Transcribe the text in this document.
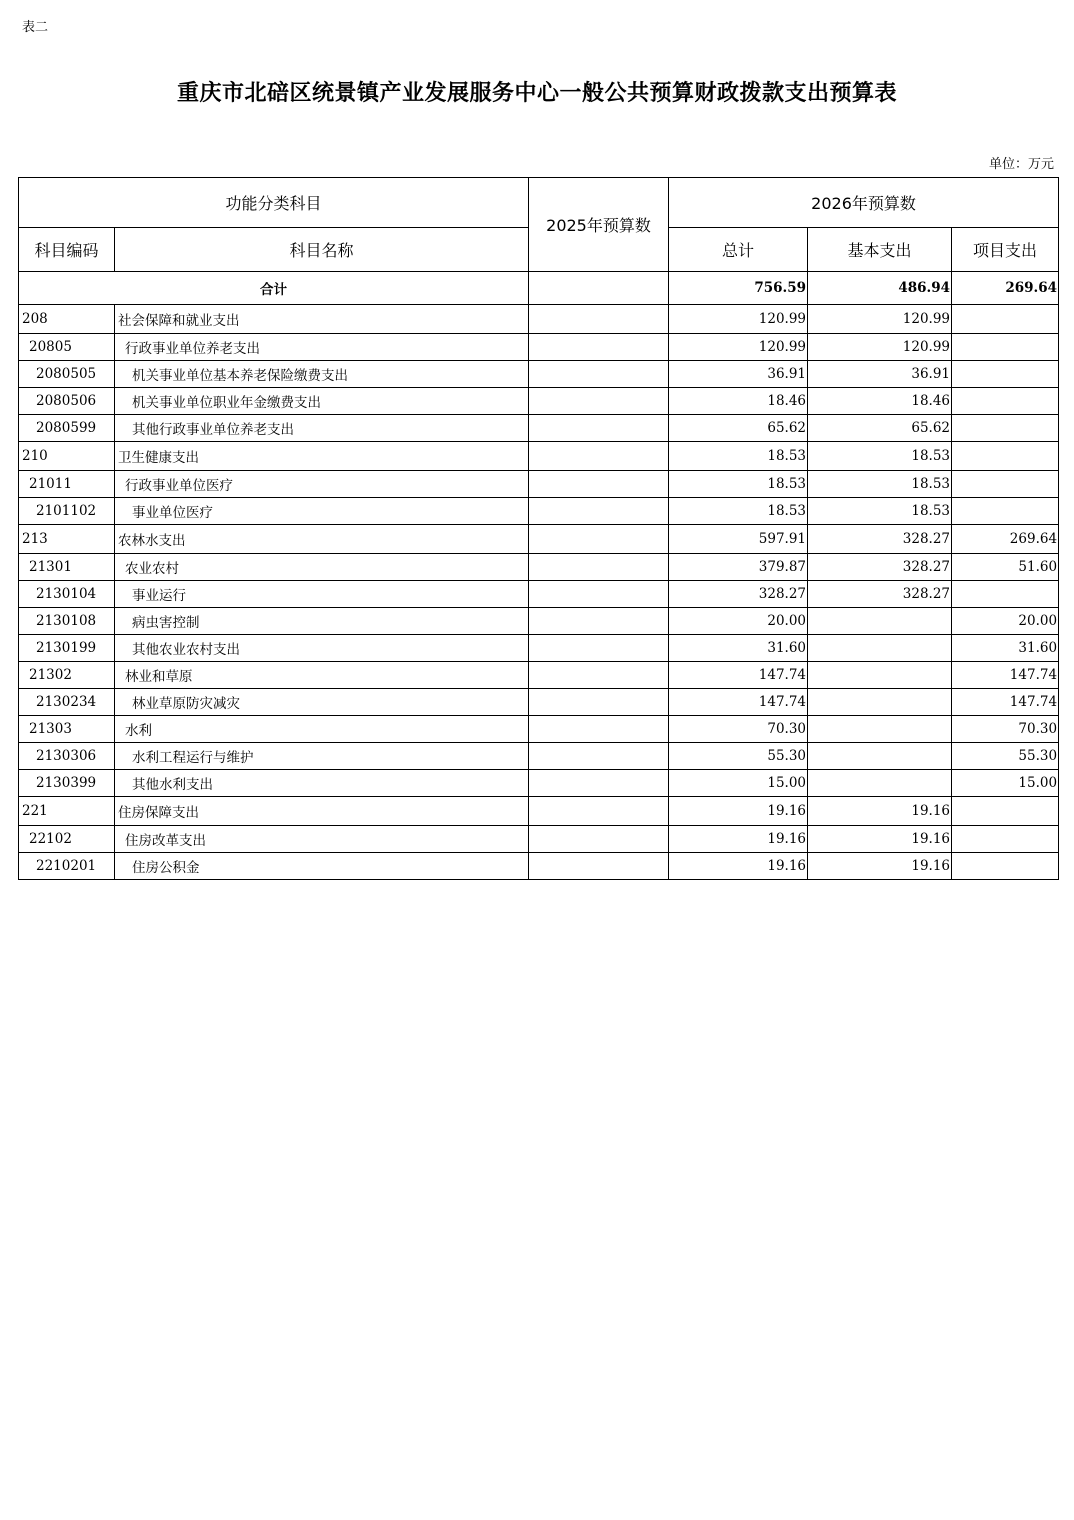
表二
重庆市北碚区统景镇产业发展服务中心一般公共预算财政拨款支出预算表
单位：万元
功能分类科目		2025年预算数	2026年预算数		
科目编码	科目名称		总计	基本支出	项目支出
合计			756.59	486.94	269.64
208	社会保障和就业支出		120.99	120.99	
20805	行政事业单位养老支出		120.99	120.99	
2080505	机关事业单位基本养老保险缴费支出		36.91	36.91	
2080506	机关事业单位职业年金缴费支出		18.46	18.46	
2080599	其他行政事业单位养老支出		65.62	65.62	
210	卫生健康支出		18.53	18.53	
21011	行政事业单位医疗		18.53	18.53	
2101102	事业单位医疗		18.53	18.53	
213	农林水支出		597.91	328.27	269.64
21301	农业农村		379.87	328.27	51.60
2130104	事业运行		328.27	328.27	
2130108	病虫害控制		20.00		20.00
2130199	其他农业农村支出		31.60		31.60
21302	林业和草原		147.74		147.74
2130234	林业草原防灾减灾		147.74		147.74
21303	水利		70.30		70.30
2130306	水利工程运行与维护		55.30		55.30
2130399	其他水利支出		15.00		15.00
221	住房保障支出		19.16	19.16	
22102	住房改革支出		19.16	19.16	
2210201	住房公积金		19.16	19.16	
